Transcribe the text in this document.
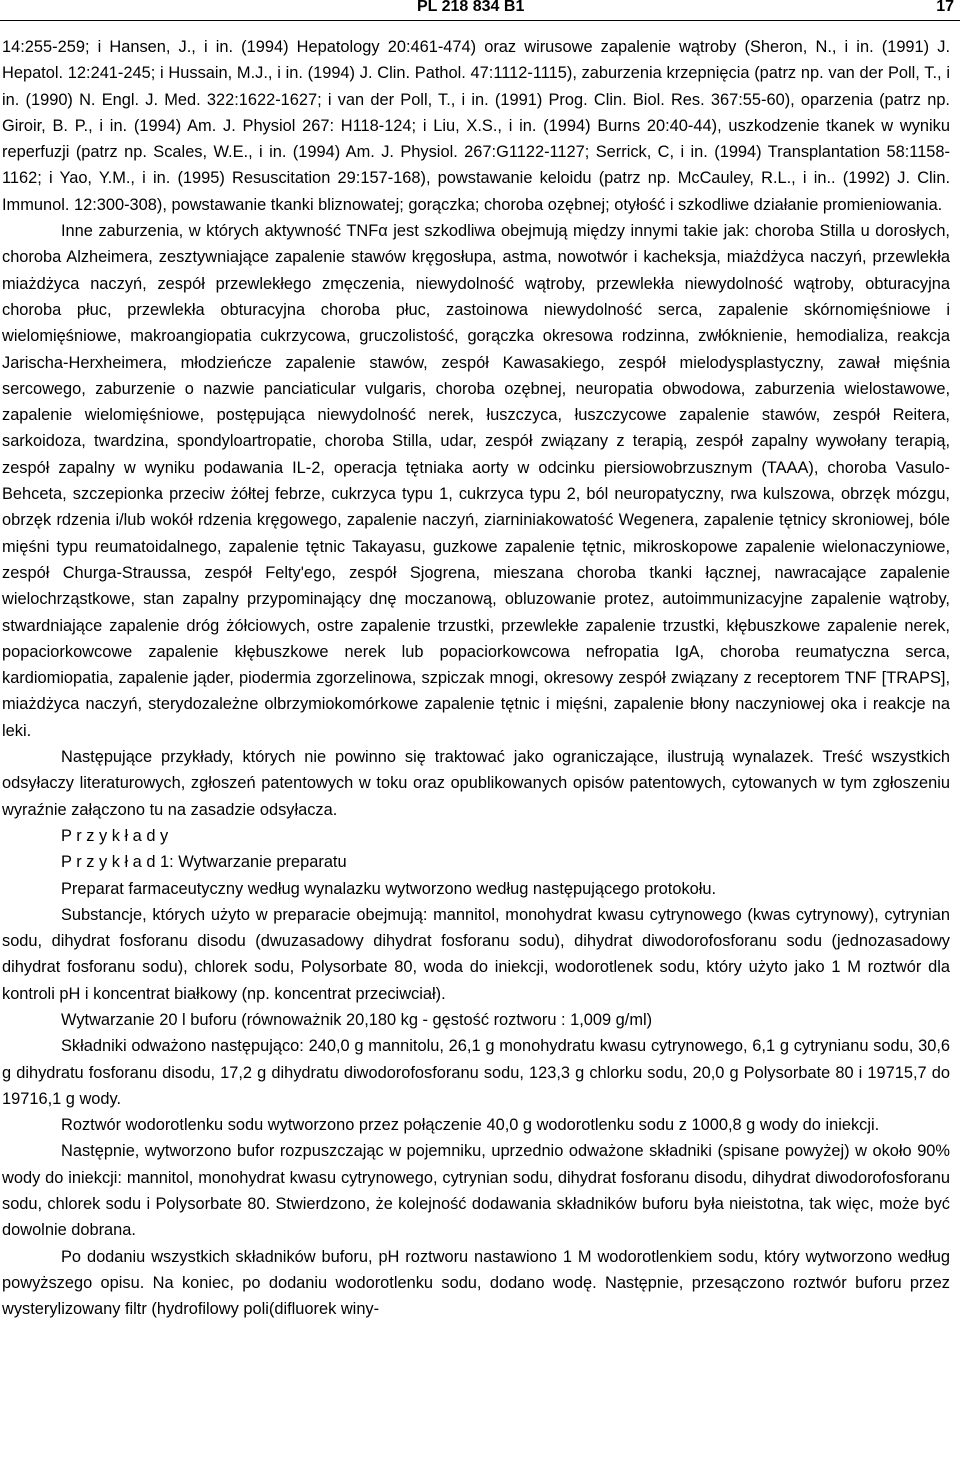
PL 218 834 B1	17

14:255-259; i Hansen, J., i in. (1994) Hepatology 20:461-474) oraz wirusowe zapalenie wątroby (Sheron, N., i in. (1991) J. Hepatol. 12:241-245; i Hussain, M.J., i in. (1994) J. Clin. Pathol. 47:1112-1115), zaburzenia krzepnięcia (patrz np. van der Poll, T., i in. (1990) N. Engl. J. Med. 322:1622-1627; i van der Poll, T., i in. (1991) Prog. Clin. Biol. Res. 367:55-60), oparzenia (patrz np. Giroir, B. P., i in. (1994) Am. J. Physiol 267: H118-124; i Liu, X.S., i in. (1994) Burns 20:40-44), uszkodzenie tkanek w wyniku reperfuzji (patrz np. Scales, W.E., i in. (1994) Am. J. Physiol. 267:G1122-1127; Serrick, C, i in. (1994) Transplantation 58:1158-1162; i Yao, Y.M., i in. (1995) Resuscitation 29:157-168), powstawanie keloidu (patrz np. McCauley, R.L., i in.. (1992) J. Clin. Immunol. 12:300-308), powstawanie tkanki bliznowatej; gorączka; choroba ozębnej; otyłość i szkodliwe działanie promieniowania.

Inne zaburzenia, w których aktywność TNFα jest szkodliwa obejmują między innymi takie jak: choroba Stilla u dorosłych, choroba Alzheimera, zesztywniające zapalenie stawów kręgosłupa, astma, nowotwór i kacheksja, miażdżyca naczyń, przewlekła miażdżyca naczyń, zespół przewlekłego zmęczenia, niewydolność wątroby, przewlekła niewydolność wątroby, obturacyjna choroba płuc, przewlekła obturacyjna choroba płuc, zastoinowa niewydolność serca, zapalenie skórnomięśniowe i wielomięśniowe, makroangiopatia cukrzycowa, gruczolistość, gorączka okresowa rodzinna, zwłóknienie, hemodializa, reakcja Jarischa-Herxheimera, młodzieńcze zapalenie stawów, zespół Kawasakiego, zespół mielodysplastyczny, zawał mięśnia sercowego, zaburzenie o nazwie panciaticular vulgaris, choroba ozębnej, neuropatia obwodowa, zaburzenia wielostawowe, zapalenie wielomięśniowe, postępująca niewydolność nerek, łuszczyca, łuszczycowe zapalenie stawów, zespół Reitera, sarkoidoza, twardzina, spondyloartropatie, choroba Stilla, udar, zespół związany z terapią, zespół zapalny wywołany terapią, zespół zapalny w wyniku podawania IL-2, operacja tętniaka aorty w odcinku piersiowobrzusznym (TAAA), choroba Vasulo-Behceta, szczepionka przeciw żółtej febrze, cukrzyca typu 1, cukrzyca typu 2, ból neuropatyczny, rwa kulszowa, obrzęk mózgu, obrzęk rdzenia i/lub wokół rdzenia kręgowego, zapalenie naczyń, ziarniniakowatość Wegenera, zapalenie tętnicy skroniowej, bóle mięśni typu reumatoidalnego, zapalenie tętnic Takayasu, guzkowe zapalenie tętnic, mikroskopowe zapalenie wielonaczyniowe, zespół Churga-Straussa, zespół Felty'ego, zespół Sjogrena, mieszana choroba tkanki łącznej, nawracające zapalenie wielochrząstkowe, stan zapalny przypominający dnę moczanową, obluzowanie protez, autoimmunizacyjne zapalenie wątroby, stwardniające zapalenie dróg żółciowych, ostre zapalenie trzustki, przewlekłe zapalenie trzustki, kłębuszkowe zapalenie nerek, popaciorkowcowe zapalenie kłębuszkowe nerek lub popaciorkowcowa nefropatia IgA, choroba reumatyczna serca, kardiomiopatia, zapalenie jąder, piodermia zgorzelinowa, szpiczak mnogi, okresowy zespół związany z receptorem TNF [TRAPS], miażdżyca naczyń, sterydozależne olbrzymiokomórkowe zapalenie tętnic i mięśni, zapalenie błony naczyniowej oka i reakcje na leki.

Następujące przykłady, których nie powinno się traktować jako ograniczające, ilustrują wynalazek. Treść wszystkich odsyłaczy literaturowych, zgłoszeń patentowych w toku oraz opublikowanych opisów patentowych, cytowanych w tym zgłoszeniu wyraźnie załączono tu na zasadzie odsyłacza.

P r z y k ł a d y

P r z y k ł a d 1: Wytwarzanie preparatu

Preparat farmaceutyczny według wynalazku wytworzono według następującego protokołu.

Substancje, których użyto w preparacie obejmują: mannitol, monohydrat kwasu cytrynowego (kwas cytrynowy), cytrynian sodu, dihydrat fosforanu disodu (dwuzasadowy dihydrat fosforanu sodu), dihydrat diwodorofosforanu sodu (jednozasadowy dihydrat fosforanu sodu), chlorek sodu, Polysorbate 80, woda do iniekcji, wodorotlenek sodu, który użyto jako 1 M roztwór dla kontroli pH i koncentrat białkowy (np. koncentrat przeciwciał).

Wytwarzanie 20 l buforu (równoważnik 20,180 kg - gęstość roztworu : 1,009 g/ml)

Składniki odważono następująco: 240,0 g mannitolu, 26,1 g monohydratu kwasu cytrynowego, 6,1 g cytrynianu sodu, 30,6 g dihydratu fosforanu disodu, 17,2 g dihydratu diwodorofosforanu sodu, 123,3 g chlorku sodu, 20,0 g Polysorbate 80 i 19715,7 do 19716,1 g wody.

Roztwór wodorotlenku sodu wytworzono przez połączenie 40,0 g wodorotlenku sodu z 1000,8 g wody do iniekcji.

Następnie, wytworzono bufor rozpuszczając w pojemniku, uprzednio odważone składniki (spisane powyżej) w około 90% wody do iniekcji: mannitol, monohydrat kwasu cytrynowego, cytrynian sodu, dihydrat fosforanu disodu, dihydrat diwodorofosforanu sodu, chlorek sodu i Polysorbate 80. Stwierdzono, że kolejność dodawania składników buforu była nieistotna, tak więc, może być dowolnie dobrana.

Po dodaniu wszystkich składników buforu, pH roztworu nastawiono 1 M wodorotlenkiem sodu, który wytworzono według powyższego opisu. Na koniec, po dodaniu wodorotlenku sodu, dodano wodę. Następnie, przesączono roztwór buforu przez wysterylizowany filtr (hydrofilowy poli(difluorek winy-
